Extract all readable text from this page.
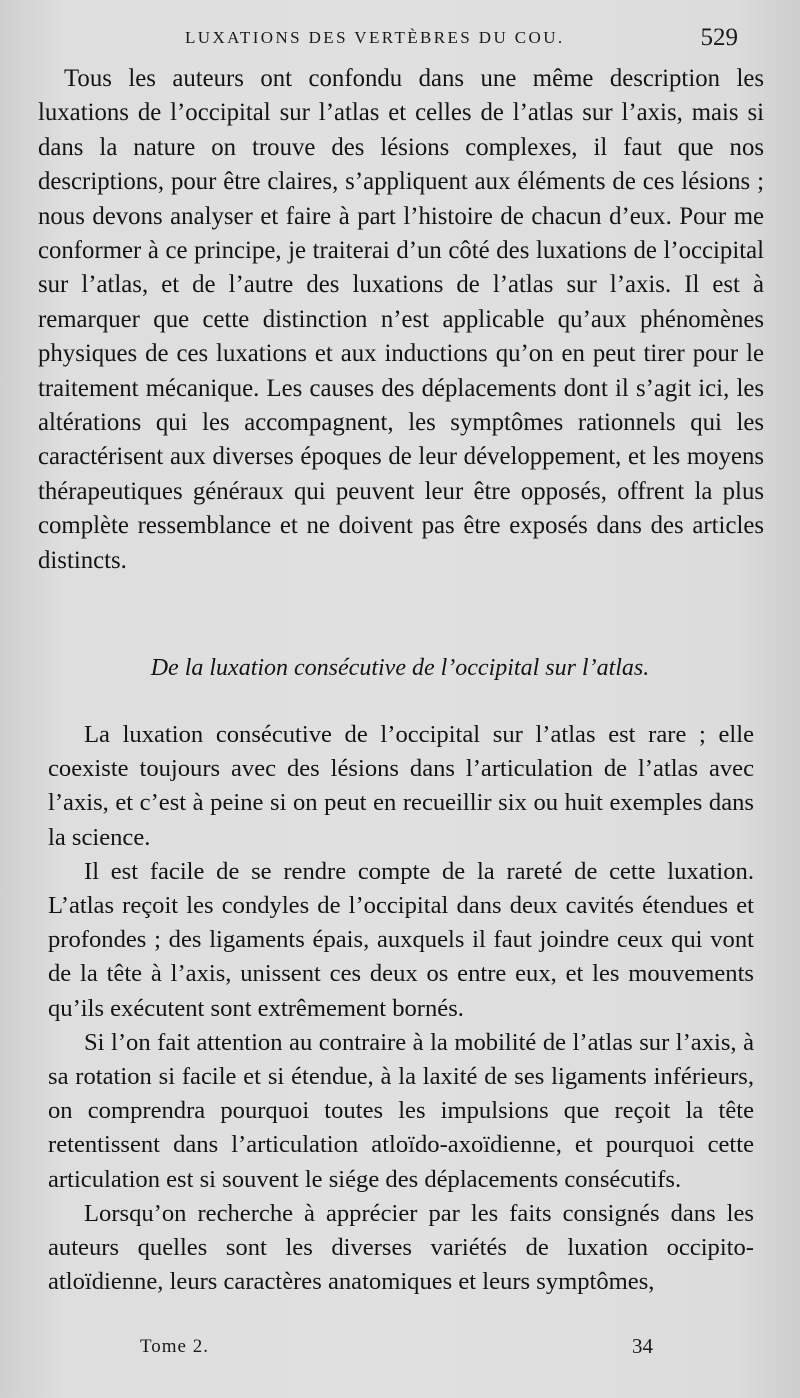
LUXATIONS DES VERTÈBRES DU COU.	529

Tous les auteurs ont confondu dans une même description les luxations de l’occipital sur l’atlas et celles de l’atlas sur l’axis, mais si dans la nature on trouve des lésions complexes, il faut que nos descriptions, pour être claires, s’appliquent aux éléments de ces lésions ; nous devons analyser et faire à part l’histoire de chacun d’eux. Pour me conformer à ce principe, je traiterai d’un côté des luxations de l’occipital sur l’atlas, et de l’autre des luxations de l’atlas sur l’axis. Il est à remarquer que cette distinction n’est applicable qu’aux phénomènes physiques de ces luxations et aux inductions qu’on en peut tirer pour le traitement mécanique. Les causes des déplacements dont il s’agit ici, les altérations qui les accompagnent, les symptômes rationnels qui les caractérisent aux diverses époques de leur développement, et les moyens thérapeutiques généraux qui peuvent leur être opposés, offrent la plus complète ressemblance et ne doivent pas être exposés dans des articles distincts.

De la luxation consécutive de l’occipital sur l’atlas.

La luxation consécutive de l’occipital sur l’atlas est rare ; elle coexiste toujours avec des lésions dans l’articulation de l’atlas avec l’axis, et c’est à peine si on peut en recueillir six ou huit exemples dans la science.

Il est facile de se rendre compte de la rareté de cette luxation. L’atlas reçoit les condyles de l’occipital dans deux cavités étendues et profondes ; des ligaments épais, auxquels il faut joindre ceux qui vont de la tête à l’axis, unissent ces deux os entre eux, et les mouvements qu’ils exécutent sont extrêmement bornés.

Si l’on fait attention au contraire à la mobilité de l’atlas sur l’axis, à sa rotation si facile et si étendue, à la laxité de ses ligaments inférieurs, on comprendra pourquoi toutes les impulsions que reçoit la tête retentissent dans l’articulation atloïdo-axoïdienne, et pourquoi cette articulation est si souvent le siége des déplacements consécutifs.

Lorsqu’on recherche à apprécier par les faits consignés dans les auteurs quelles sont les diverses variétés de luxation occipito-atloïdienne, leurs caractères anatomiques et leurs symptômes,

Tome 2.	34
